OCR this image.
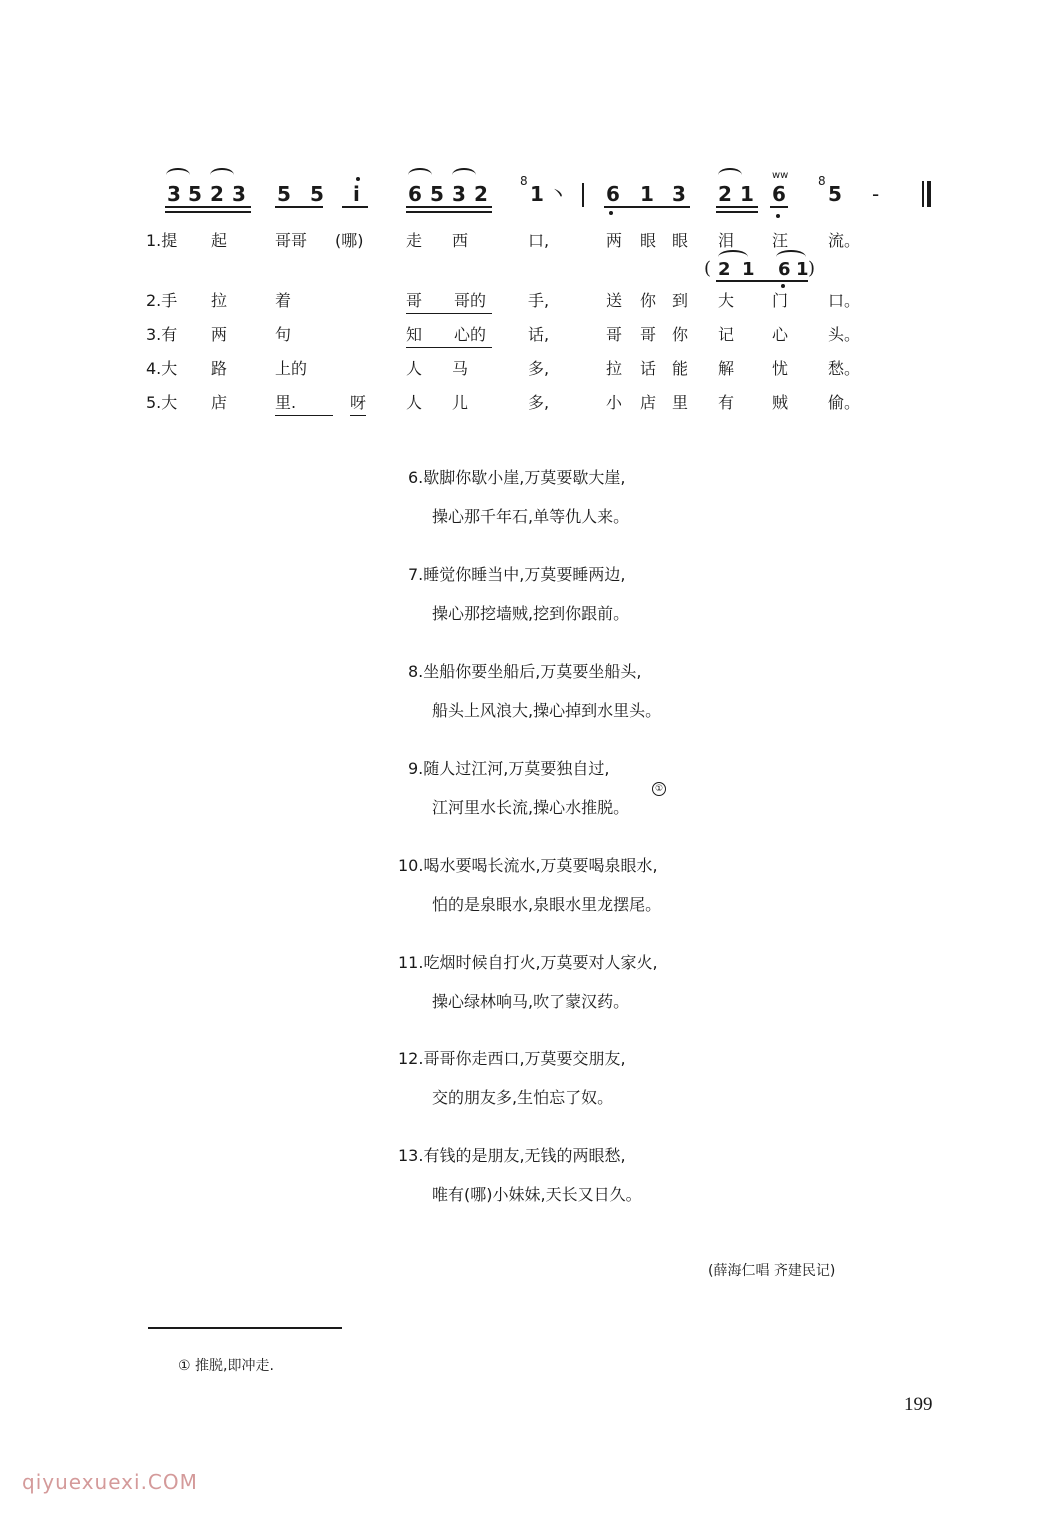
3 5 2 3 5 5 i 6 5 3 2
8
1 丶 6 1 3 2 1 6
ww 8
5 -
( 2 1 6 1 )
1.提 起	哥哥 (哪)	走 西	口,	两 眼 眼 泪 汪 流。
2.手 拉	着	哥 哥的	手,	送 你 到 大 门 口。
3.有 两	句	知 心的	话,	哥 哥 你 记 心 头。
4.大 路	上的	人 马	多,	拉 话 能 解 忧 愁。
5.大 店	里.	呀 人 儿	多,	小 店 里 有 贼 偷。
6.歇脚你歇小崖,万莫要歇大崖,
操心那千年石,单等仇人来。
7.睡觉你睡当中,万莫要睡两边,
操心那挖墙贼,挖到你跟前。
8.坐船你要坐船后,万莫要坐船头,
船头上风浪大,操心掉到水里头。
9.随人过江河,万莫要独自过,
江河里水长流,操心水推脱。
①
10.喝水要喝长流水,万莫要喝泉眼水,
怕的是泉眼水,泉眼水里龙摆尾。
11.吃烟时候自打火,万莫要对人家火,
操心绿林响马,吹了蒙汉药。
12.哥哥你走西口,万莫要交朋友,
交的朋友多,生怕忘了奴。
13.有钱的是朋友,无钱的两眼愁,
唯有(哪)小妹妹,天长又日久。
(薛海仁唱 齐建民记)
① 推脱,即冲走.
199
qiyuexuexi.COM
